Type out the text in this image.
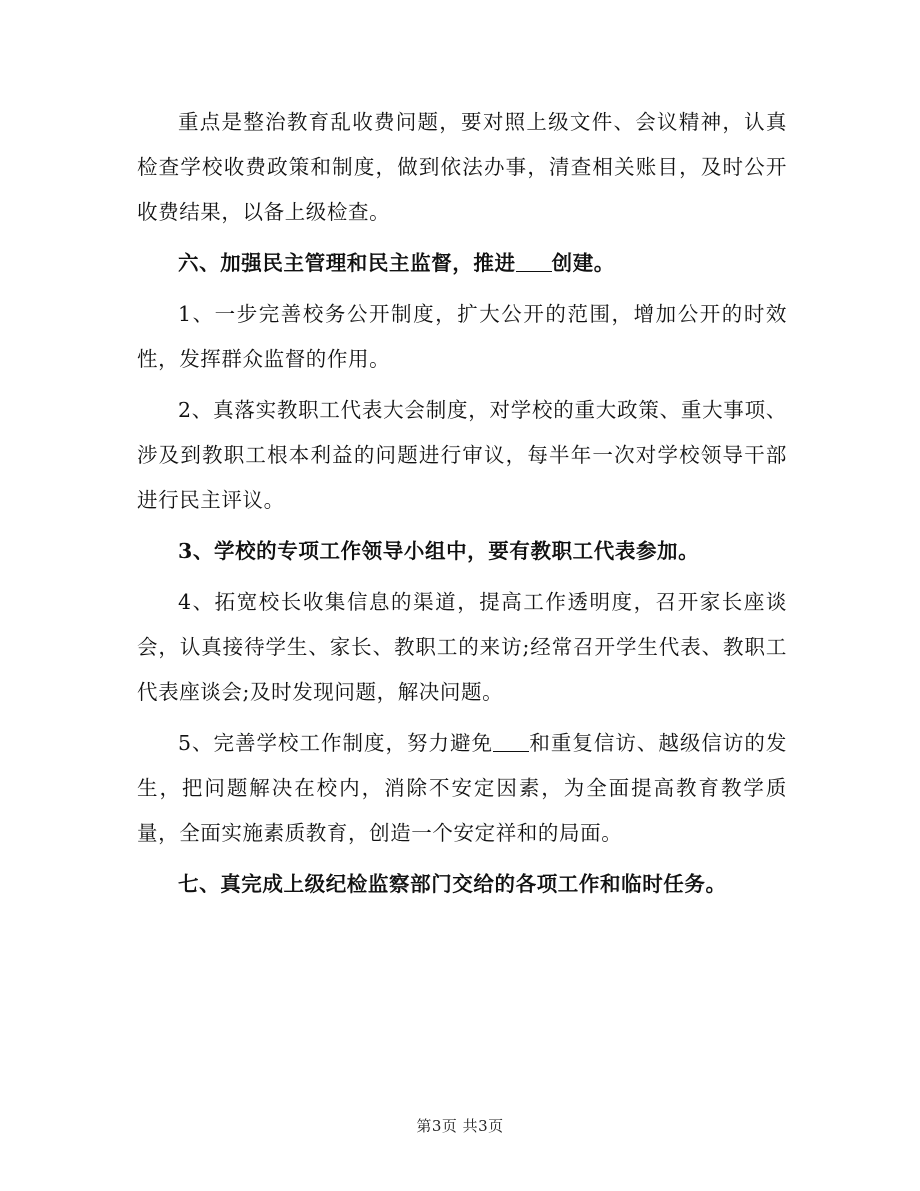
重点是整治教育乱收费问题，要对照上级文件、会议精神，认真检查学校收费政策和制度，做到依法办事，清查相关账目，及时公开收费结果，以备上级检查。

六、加强民主管理和民主监督，推进 创建。

1、一步完善校务公开制度，扩大公开的范围，增加公开的时效性，发挥群众监督的作用。

2、真落实教职工代表大会制度，对学校的重大政策、重大事项、涉及到教职工根本利益的问题进行审议，每半年一次对学校领导干部进行民主评议。

3、学校的专项工作领导小组中，要有教职工代表参加。

4、拓宽校长收集信息的渠道，提高工作透明度，召开家长座谈会，认真接待学生、家长、教职工的来访;经常召开学生代表、教职工代表座谈会;及时发现问题，解决问题。

5、完善学校工作制度，努力避免 和重复信访、越级信访的发生，把问题解决在校内，消除不安定因素，为全面提高教育教学质量，全面实施素质教育，创造一个安定祥和的局面。

七、真完成上级纪检监察部门交给的各项工作和临时任务。

第3页 共3页
